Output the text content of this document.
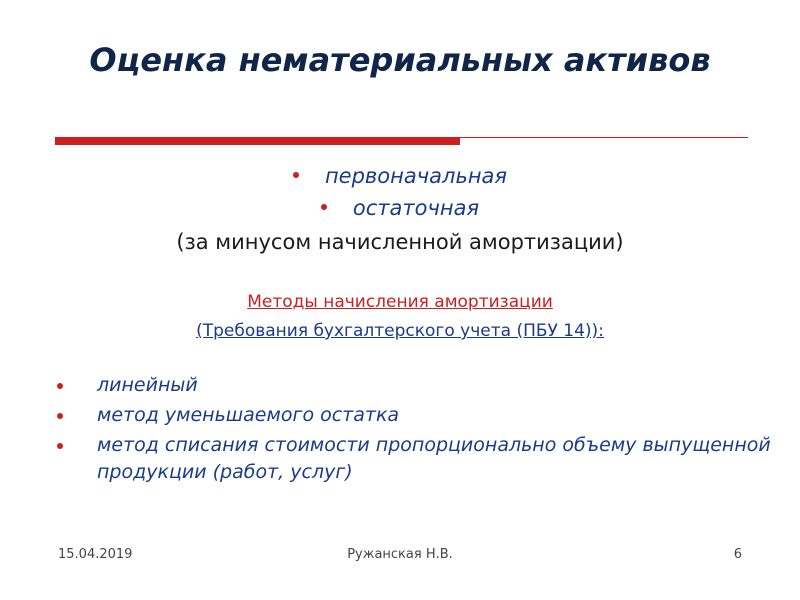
Оценка нематериальных активов
первоначальная
остаточная
(за минусом начисленной амортизации)
Методы начисления амортизации
(Требования бухгалтерского учета (ПБУ 14)):
линейный
метод уменьшаемого остатка
метод списания стоимости пропорционально объему выпущенной продукции (работ, услуг)
15.04.2019	Ружанская Н.В.	6
